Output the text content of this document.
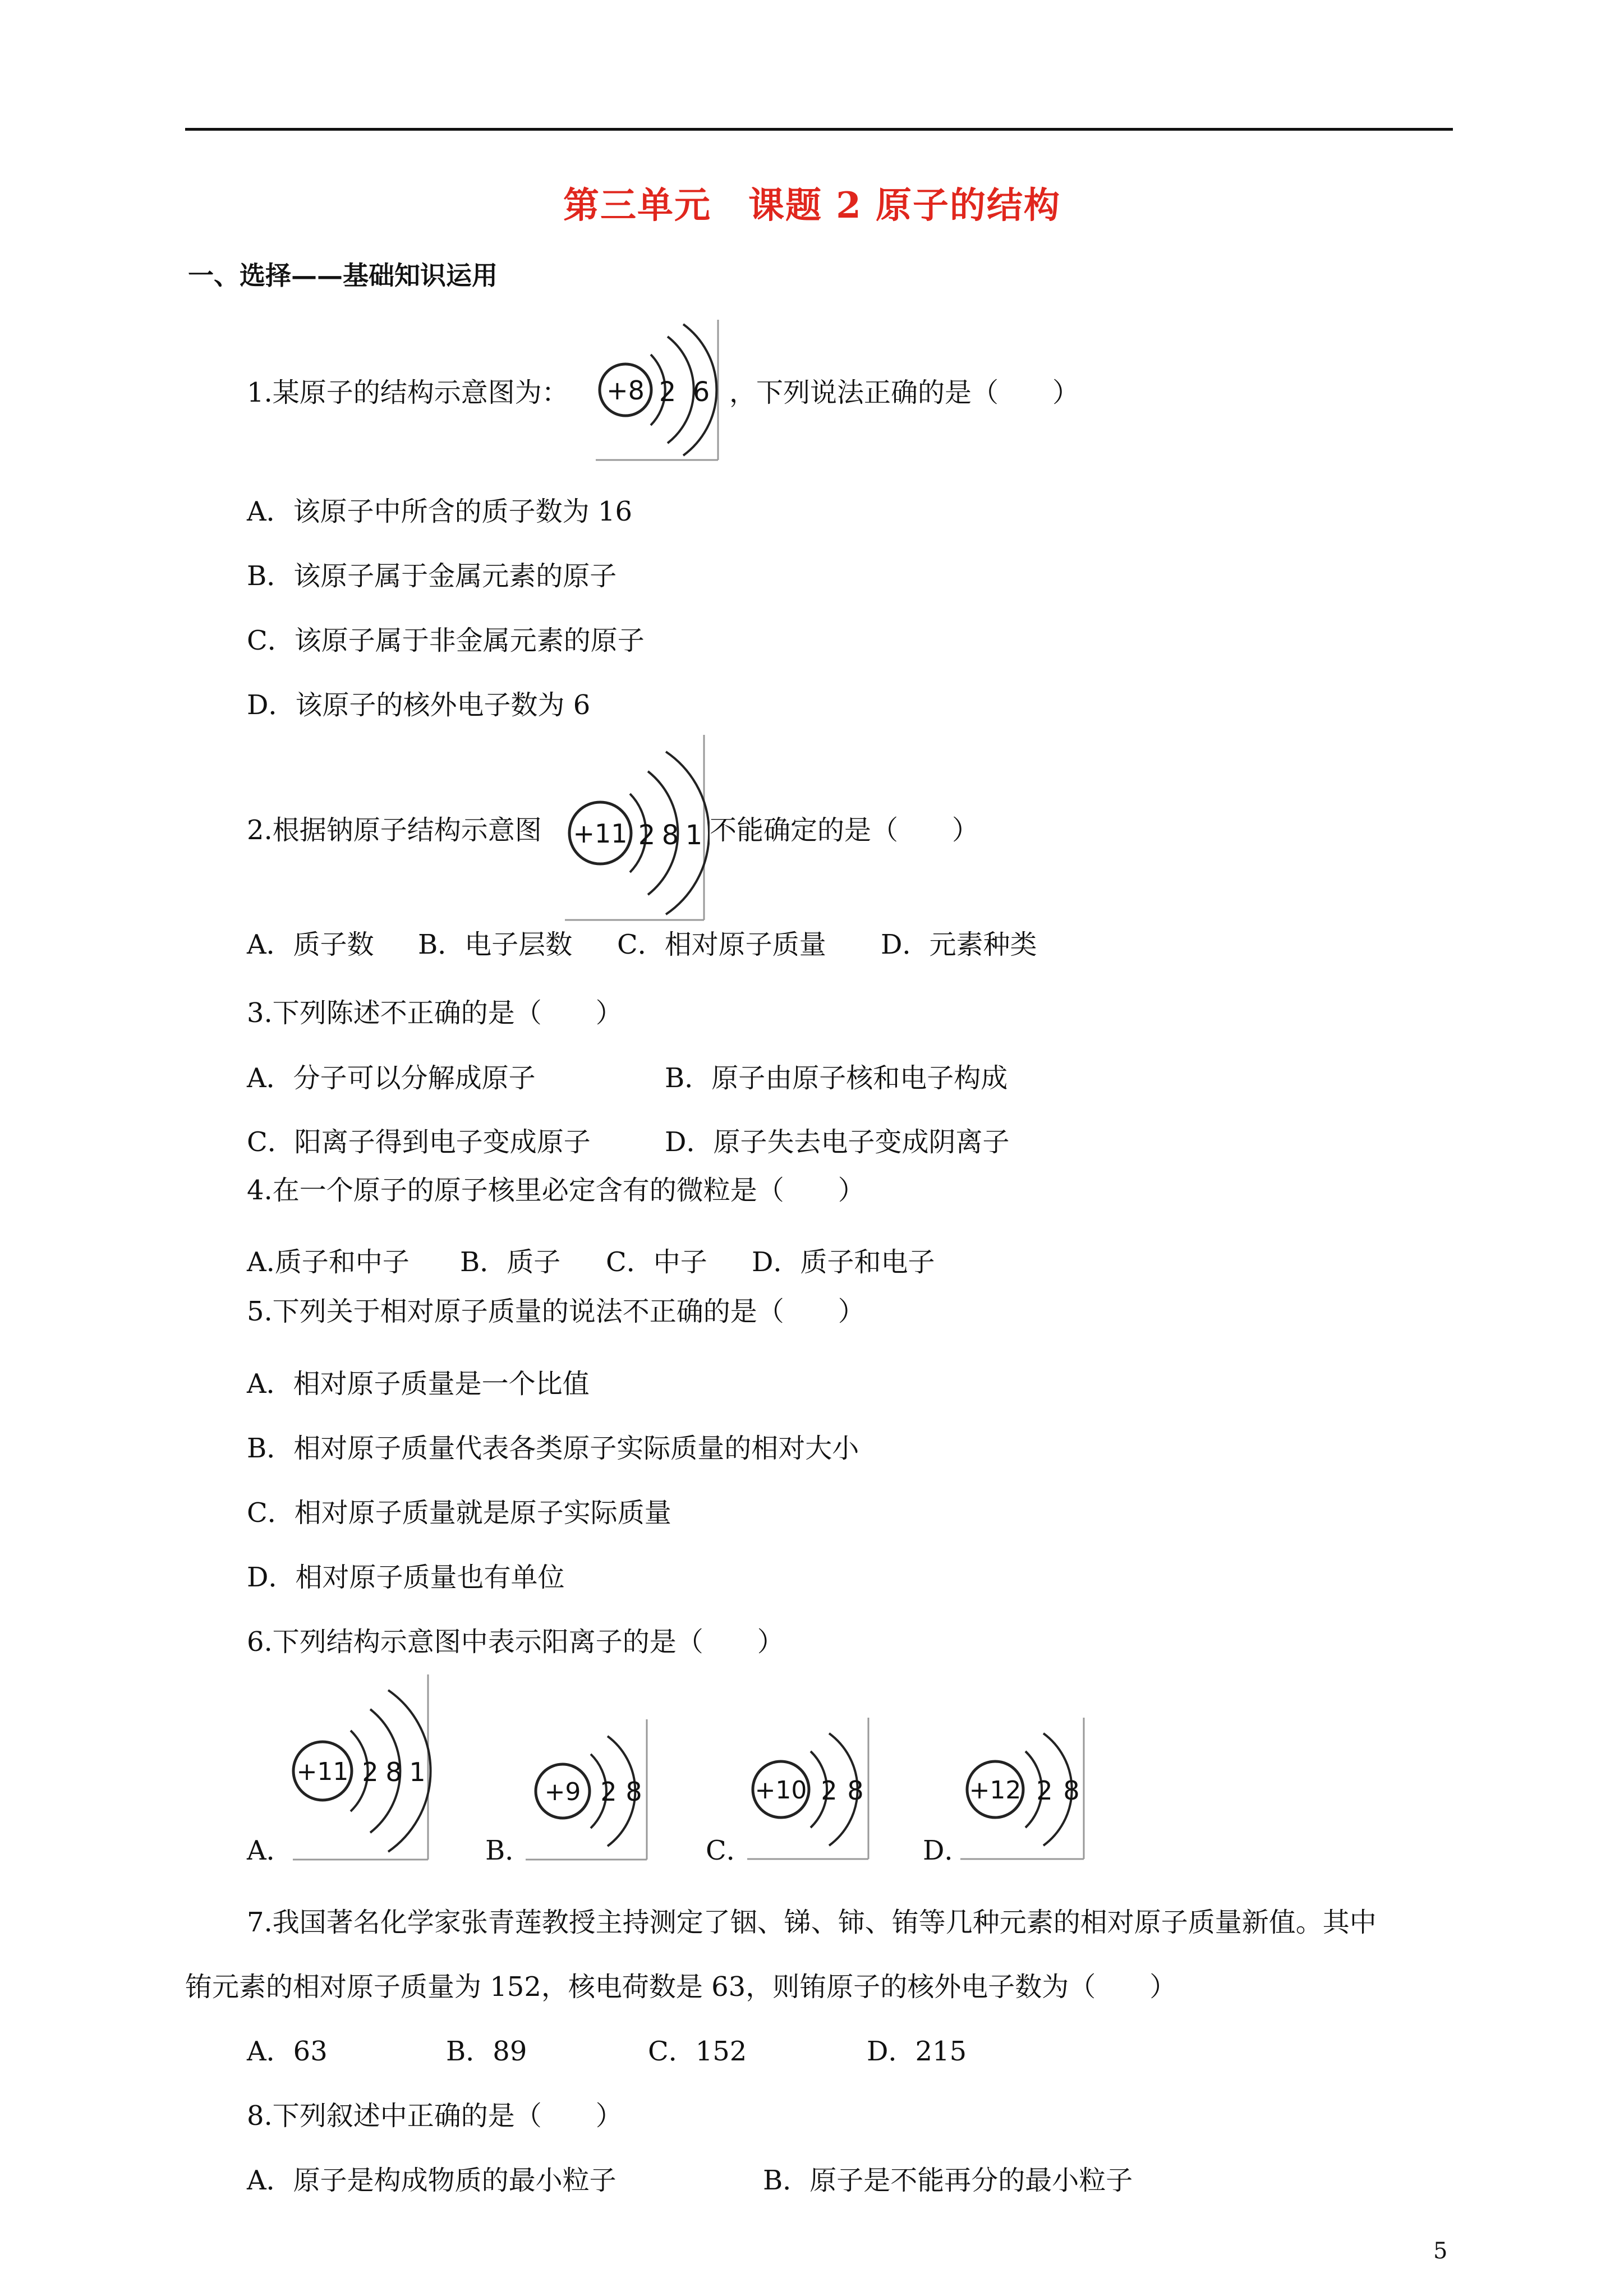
第三单元　课题 2 原子的结构
一、选择——基础知识运用
1.某原子的结构示意图为： +8 2 6 ，下列说法正确的是（　　）
A．该原子中所含的质子数为 16
B．该原子属于金属元素的原子
C．该原子属于非金属元素的原子
D．该原子的核外电子数为 6
2.根据钠原子结构示意图 +11 2 8 1 不能确定的是（　　）
A．质子数 B．电子层数 C．相对原子质量 D．元素种类
3.下列陈述不正确的是（　　）
A．分子可以分解成原子	B．原子由原子核和电子构成
C．阳离子得到电子变成原子	D．原子失去电子变成阴离子
4.在一个原子的原子核里必定含有的微粒是（　　）
A.质子和中子 B．质子 C．中子 D．质子和电子
5.下列关于相对原子质量的说法不正确的是（　　）
A．相对原子质量是一个比值
B．相对原子质量代表各类原子实际质量的相对大小
C．相对原子质量就是原子实际质量
D．相对原子质量也有单位
6.下列结构示意图中表示阳离子的是（　　）
A．
+11 2 8 1
B．
+9 2 8
C．
+10 2 8
D．
+12 2 8
7.我国著名化学家张青莲教授主持测定了铟、锑、铈、铕等几种元素的相对原子质量新值。其中
铕元素的相对原子质量为 152，核电荷数是 63，则铕原子的核外电子数为（　　）
A．63	B．89	C．152	D．215
8.下列叙述中正确的是（　　）
A．原子是构成物质的最小粒子	B．原子是不能再分的最小粒子
5
